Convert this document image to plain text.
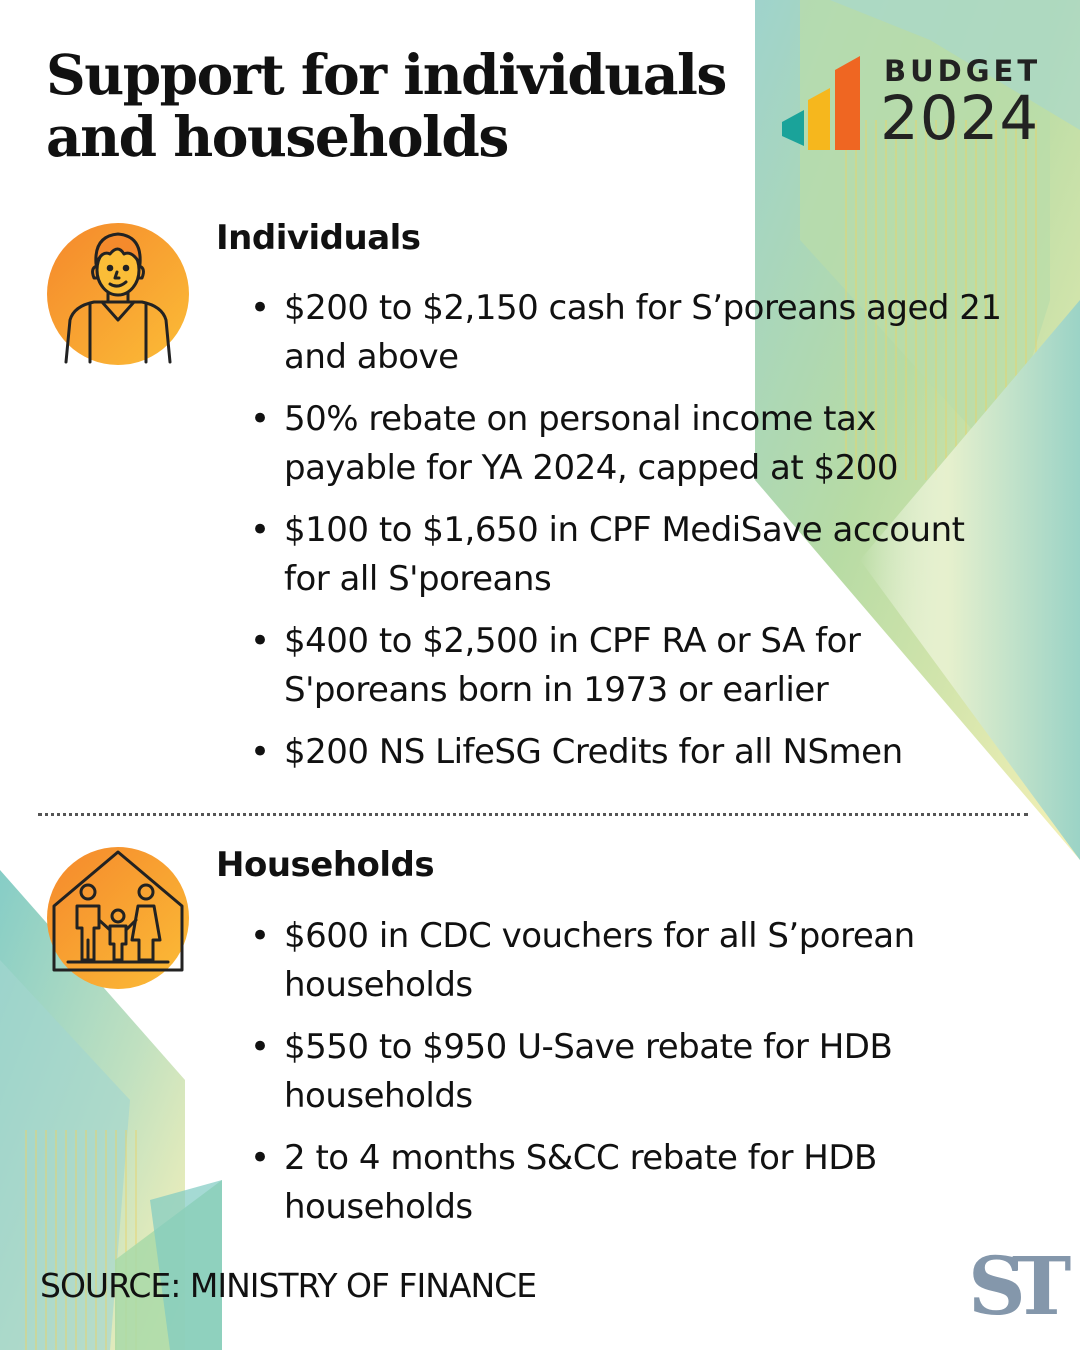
Support for individuals
and households
BUDGET
2024
Individuals
• $200 to $2,150 cash for S’poreans aged 21 and above
• 50% rebate on personal income tax payable for YA 2024, capped at $200
• $100 to $1,650 in CPF MediSave account for all S'poreans
• $400 to $2,500 in CPF RA or SA for S'poreans born in 1973 or earlier
• $200 NS LifeSG Credits for all NSmen
Households
• $600 in CDC vouchers for all S’porean households
• $550 to $950 U-Save rebate for HDB households
• 2 to 4 months S&CC rebate for HDB households
SOURCE: MINISTRY OF FINANCE	ST
